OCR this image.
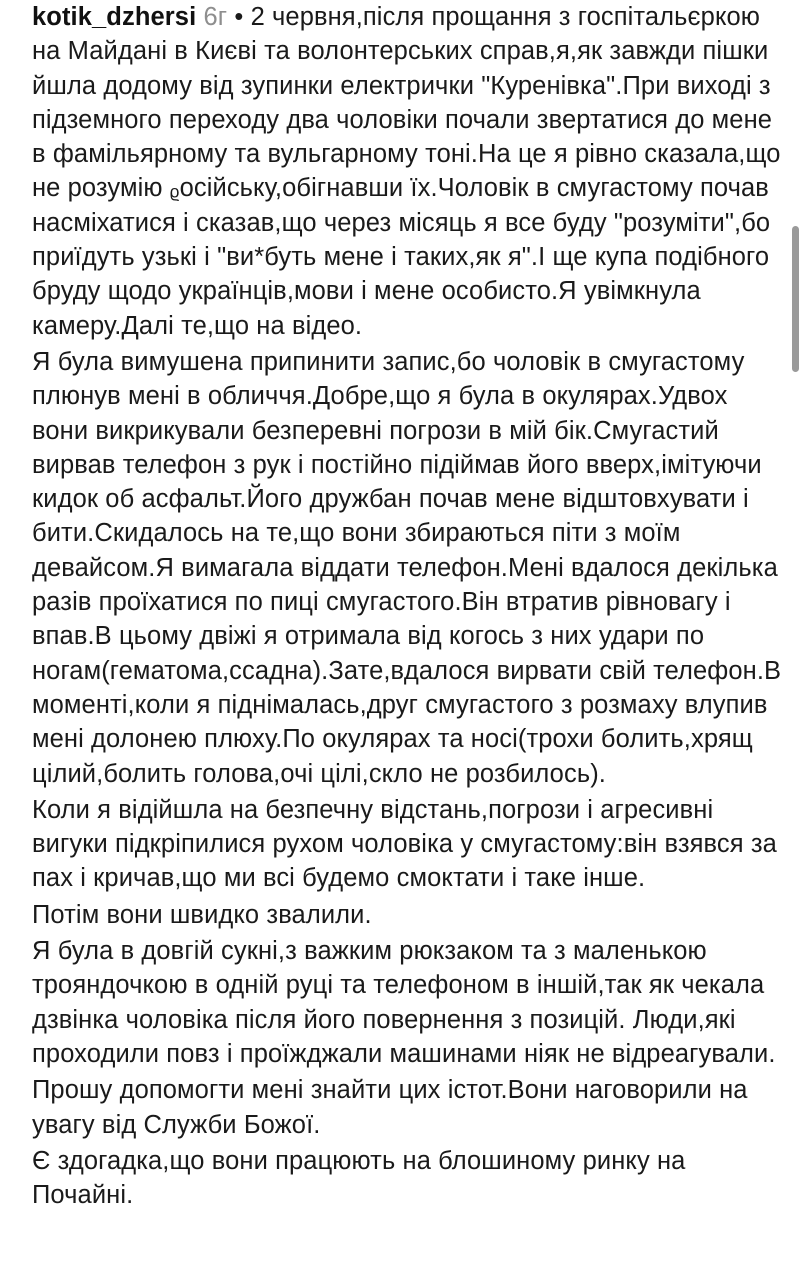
kotik_dzhersi 6г • 2 червня,після прощання з госпітальєркою на Майдані в Києві та волонтерських справ,я,як завжди пішки йшла додому від зупинки електрички "Куренівка".При виході з підземного переходу два чоловіки почали звертатися до мене в фамільярному та вульгарному тоні.На це я рівно сказала,що не розумію ᵨосійську,обігнавши їх.Чоловік в смугастому почав насміхатися і сказав,що через місяць я все буду "розуміти",бо приїдуть узькі і "ви*буть мене і таких,як я".І ще купа подібного бруду щодо українців,мови і мене особисто.Я увімкнула камеру.Далі те,що на відео.

Я була вимушена припинити запис,бо чоловік в смугастому плюнув мені в обличчя.Добре,що я була в окулярах.Удвох вони викрикували безперевні погрози в мій бік.Смугастий вирвав телефон з рук і постійно підіймав його вверх,імітуючи кидок об асфальт.Його дружбан почав мене відштовхувати і бити.Скидалось на те,що вони збираються піти з моїм девайсом.Я вимагала віддати телефон.Мені вдалося декілька разів проїхатися по пиці смугастого.Він втратив рівновагу і впав.В цьому двіжі я отримала від когось з них удари по ногам(гематома,ссадна).Зате,вдалося вирвати свій телефон.В моменті,коли я піднімалась,друг смугастого з розмаху влупив мені долонею плюху.По окулярах та носі(трохи болить,хрящ цілий,болить голова,очі цілі,скло не розбилось).

Коли я відійшла на безпечну відстань,погрози і агресивні вигуки підкріпилися рухом чоловіка у смугастому:він взявся за пах і кричав,що ми всі будемо смоктати і таке інше.

Потім вони швидко звалили.

Я була в довгій сукні,з важким рюкзаком та з маленькою трояндочкою в одній руці та телефоном в іншій,так як чекала дзвінка чоловіка після його повернення з позицій. Люди,які проходили повз і проїжджали машинами ніяк не відреагували.

Прошу допомогти мені знайти цих істот.Вони наговорили на увагу від Служби Божої.

Є здогадка,що вони працюють на блошиному ринку на Почайні.
